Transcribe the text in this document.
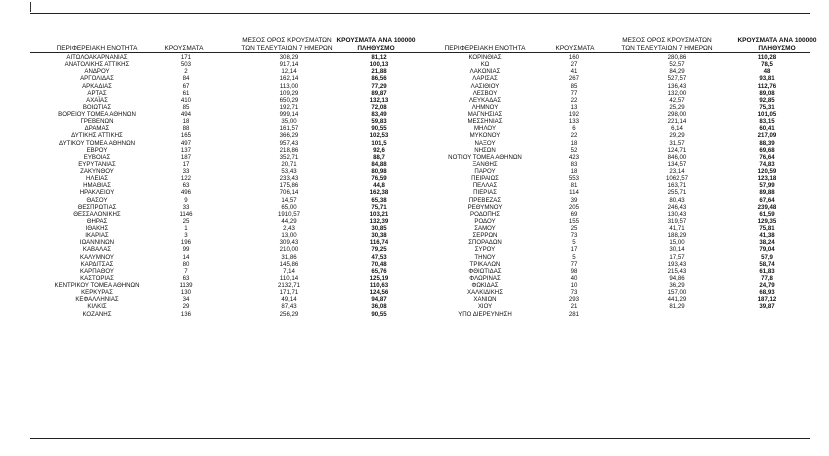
ΠΕΡΙΦΕΡΕΙΑΚΗ ΕΝΟΤΗΤΑ	ΚΡΟΥΣΜΑΤΑ
ΜΕΣΟΣ ΟΡΟΣ ΚΡΟΥΣΜΑΤΩΝ
ΤΩΝ ΤΕΛΕΥΤΑΙΩΝ 7 ΗΜΕΡΩΝ
ΚΡΟΥΣΜΑΤΑ ΑΝΑ 100000
ΠΛΗΘΥΣΜΟ	ΠΕΡΙΦΕΡΕΙΑΚΗ ΕΝΟΤΗΤΑ	ΚΡΟΥΣΜΑΤΑ
ΜΕΣΟΣ ΟΡΟΣ ΚΡΟΥΣΜΑΤΩΝ
ΤΩΝ ΤΕΛΕΥΤΑΙΩΝ 7 ΗΜΕΡΩΝ
ΚΡΟΥΣΜΑΤΑ ΑΝΑ 100000
ΠΛΗΘΥΣΜΟ
ΑΙΤΩΛΟΑΚΑΡΝΑΝΙΑΣ	171	308,29	81,12
ΑΝΑΤΟΛΙΚΗΣ ΑΤΤΙΚΗΣ	503	917,14	100,13
ΑΝΔΡΟΥ	2	12,14	21,88
ΑΡΓΟΛΙΔΑΣ	84	162,14	86,56
ΑΡΚΑΔΙΑΣ	67	113,00	77,29
ΑΡΤΑΣ	61	109,29	89,87
ΑΧΑΪΑΣ	410	650,29	132,13
ΒΟΙΩΤΙΑΣ	85	192,71	72,08
ΒΟΡΕΙΟΥ ΤΟΜΕΑ ΑΘΗΝΩΝ	494	999,14	83,49
ΓΡΕΒΕΝΩΝ	18	35,00	59,83
ΔΡΑΜΑΣ	88	161,57	90,55
ΔΥΤΙΚΗΣ ΑΤΤΙΚΗΣ	165	366,29	102,53
ΔΥΤΙΚΟΥ ΤΟΜΕΑ ΑΘΗΝΩΝ	497	957,43	101,5
ΕΒΡΟΥ	137	218,86	92,6
ΕΥΒΟΙΑΣ	187	352,71	88,7
ΕΥΡΥΤΑΝΙΑΣ	17	20,71	84,88
ΖΑΚΥΝΘΟΥ	33	53,43	80,98
ΗΛΕΙΑΣ	122	233,43	76,59
ΗΜΑΘΙΑΣ	63	175,86	44,8
ΗΡΑΚΛΕΙΟΥ	496	706,14	162,38
ΘΑΣΟΥ	9	14,57	65,38
ΘΕΣΠΡΩΤΙΑΣ	33	65,00	75,71
ΘΕΣΣΑΛΟΝΙΚΗΣ	1146	1910,57	103,21
ΘΗΡΑΣ	25	44,29	132,39
ΙΘΑΚΗΣ	1	2,43	30,85
ΙΚΑΡΙΑΣ	3	13,00	30,38
ΙΩΑΝΝΙΝΩΝ	196	309,43	116,74
ΚΑΒΑΛΑΣ	99	210,00	79,25
ΚΑΛΥΜΝΟΥ	14	31,86	47,53
ΚΑΡΔΙΤΣΑΣ	80	145,86	70,48
ΚΑΡΠΑΘΟΥ	7	7,14	65,76
ΚΑΣΤΟΡΙΑΣ	63	110,14	125,19
ΚΕΝΤΡΙΚΟΥ ΤΟΜΕΑ ΑΘΗΝΩΝ	1139	2132,71	110,63
ΚΕΡΚΥΡΑΣ	130	171,71	124,56
ΚΕΦΑΛΛΗΝΙΑΣ	34	49,14	94,87
ΚΙΛΚΙΣ	29	87,43	36,08
ΚΟΖΑΝΗΣ	136	256,29	90,55
ΚΟΡΙΝΘΙΑΣ	160	280,86	110,28
ΚΩ	27	52,57	78,5
ΛΑΚΩΝΙΑΣ	41	84,29	48
ΛΑΡΙΣΑΣ	267	527,57	93,81
ΛΑΣΙΘΙΟΥ	85	136,43	112,76
ΛΕΣΒΟΥ	77	132,00	89,08
ΛΕΥΚΑΔΑΣ	22	42,57	92,85
ΛΗΜΝΟΥ	13	25,29	75,31
ΜΑΓΝΗΣΙΑΣ	192	298,00	101,05
ΜΕΣΣΗΝΙΑΣ	133	221,14	83,15
ΜΗΛΟΥ	6	6,14	60,41
ΜΥΚΟΝΟΥ	22	29,29	217,09
ΝΑΞΟΥ	18	31,57	88,39
ΝΗΣΩΝ	52	124,71	69,68
ΝΟΤΙΟΥ ΤΟΜΕΑ ΑΘΗΝΩΝ	423	846,00	76,64
ΞΑΝΘΗΣ	83	134,57	74,83
ΠΑΡΟΥ	18	23,14	120,59
ΠΕΙΡΑΙΩΣ	553	1062,57	123,18
ΠΕΛΛΑΣ	81	163,71	57,99
ΠΙΕΡΙΑΣ	114	255,71	89,88
ΠΡΕΒΕΖΑΣ	39	80,43	67,64
ΡΕΘΥΜΝΟΥ	205	246,43	239,48
ΡΟΔΟΠΗΣ	69	130,43	61,59
ΡΟΔΟΥ	155	319,57	129,35
ΣΑΜΟΥ	25	41,71	75,81
ΣΕΡΡΩΝ	73	188,29	41,38
ΣΠΟΡΑΔΩΝ	5	15,00	38,24
ΣΥΡΟΥ	17	30,14	79,04
ΤΗΝΟΥ	5	17,57	57,9
ΤΡΙΚΑΛΩΝ	77	193,43	58,74
ΦΘΙΩΤΙΔΑΣ	98	215,43	61,83
ΦΛΩΡΙΝΑΣ	40	94,86	77,8
ΦΩΚΙΔΑΣ	10	36,29	24,79
ΧΑΛΚΙΔΙΚΗΣ	73	157,00	68,93
ΧΑΝΙΩΝ	293	441,29	187,12
ΧΙΟΥ	21	81,29	39,87
ΥΠΟ ΔΙΕΡΕΥΝΗΣΗ	281
